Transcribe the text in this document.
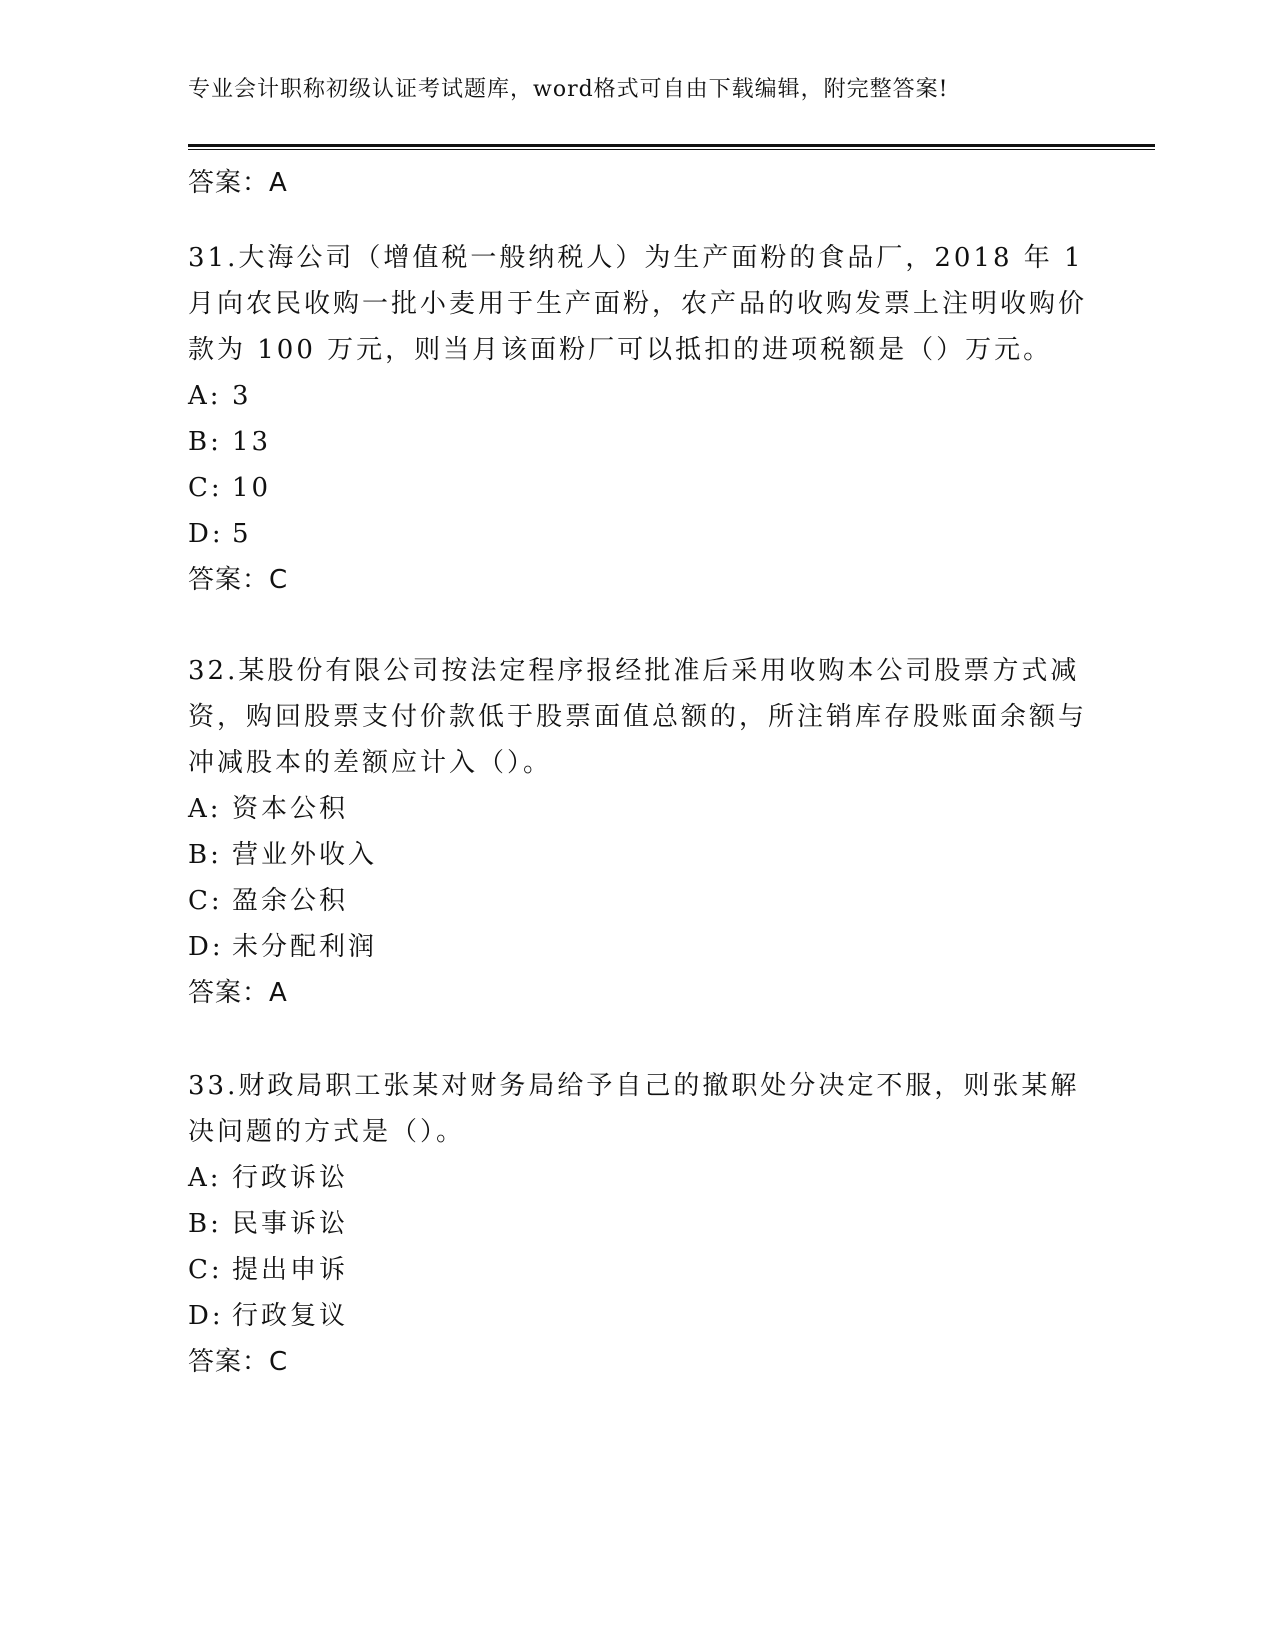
专业会计职称初级认证考试题库，word格式可自由下载编辑，附完整答案!
答案：A
31.大海公司（增值税一般纳税人）为生产面粉的食品厂，2018 年 1 月向农民收购一批小麦用于生产面粉，农产品的收购发票上注明收购价款为 100 万元，则当月该面粉厂可以抵扣的进项税额是（）万元。
A: 3
B: 13
C: 10
D: 5
答案：C
32.某股份有限公司按法定程序报经批准后采用收购本公司股票方式减资，购回股票支付价款低于股票面值总额的，所注销库存股账面余额与冲减股本的差额应计入（）。
A: 资本公积
B: 营业外收入
C: 盈余公积
D: 未分配利润
答案：A
33.财政局职工张某对财务局给予自己的撤职处分决定不服，则张某解决问题的方式是（）。
A: 行政诉讼
B: 民事诉讼
C: 提出申诉
D: 行政复议
答案：C
